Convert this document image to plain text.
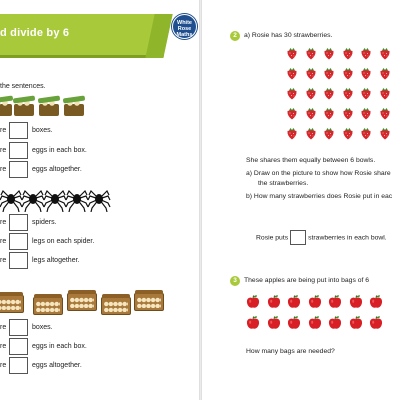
d divide by 6
White
Rose
Maths
the sentences.
re	boxes.
re	eggs in each box.
re	eggs altogether.
re	spiders.
re	legs on each spider.
re	legs altogether.
re	boxes.
re	eggs in each box.
re	eggs altogether.
2	a) Rosie has 30 strawberries.
She shares them equally between 6 bowls.
a) Draw on the picture to show how Rosie share
the strawberries.
b) How many strawberries does Rosie put in eac
Rosie puts	strawberries in each bowl.
3	These apples are being put into bags of 6
How many bags are needed?
